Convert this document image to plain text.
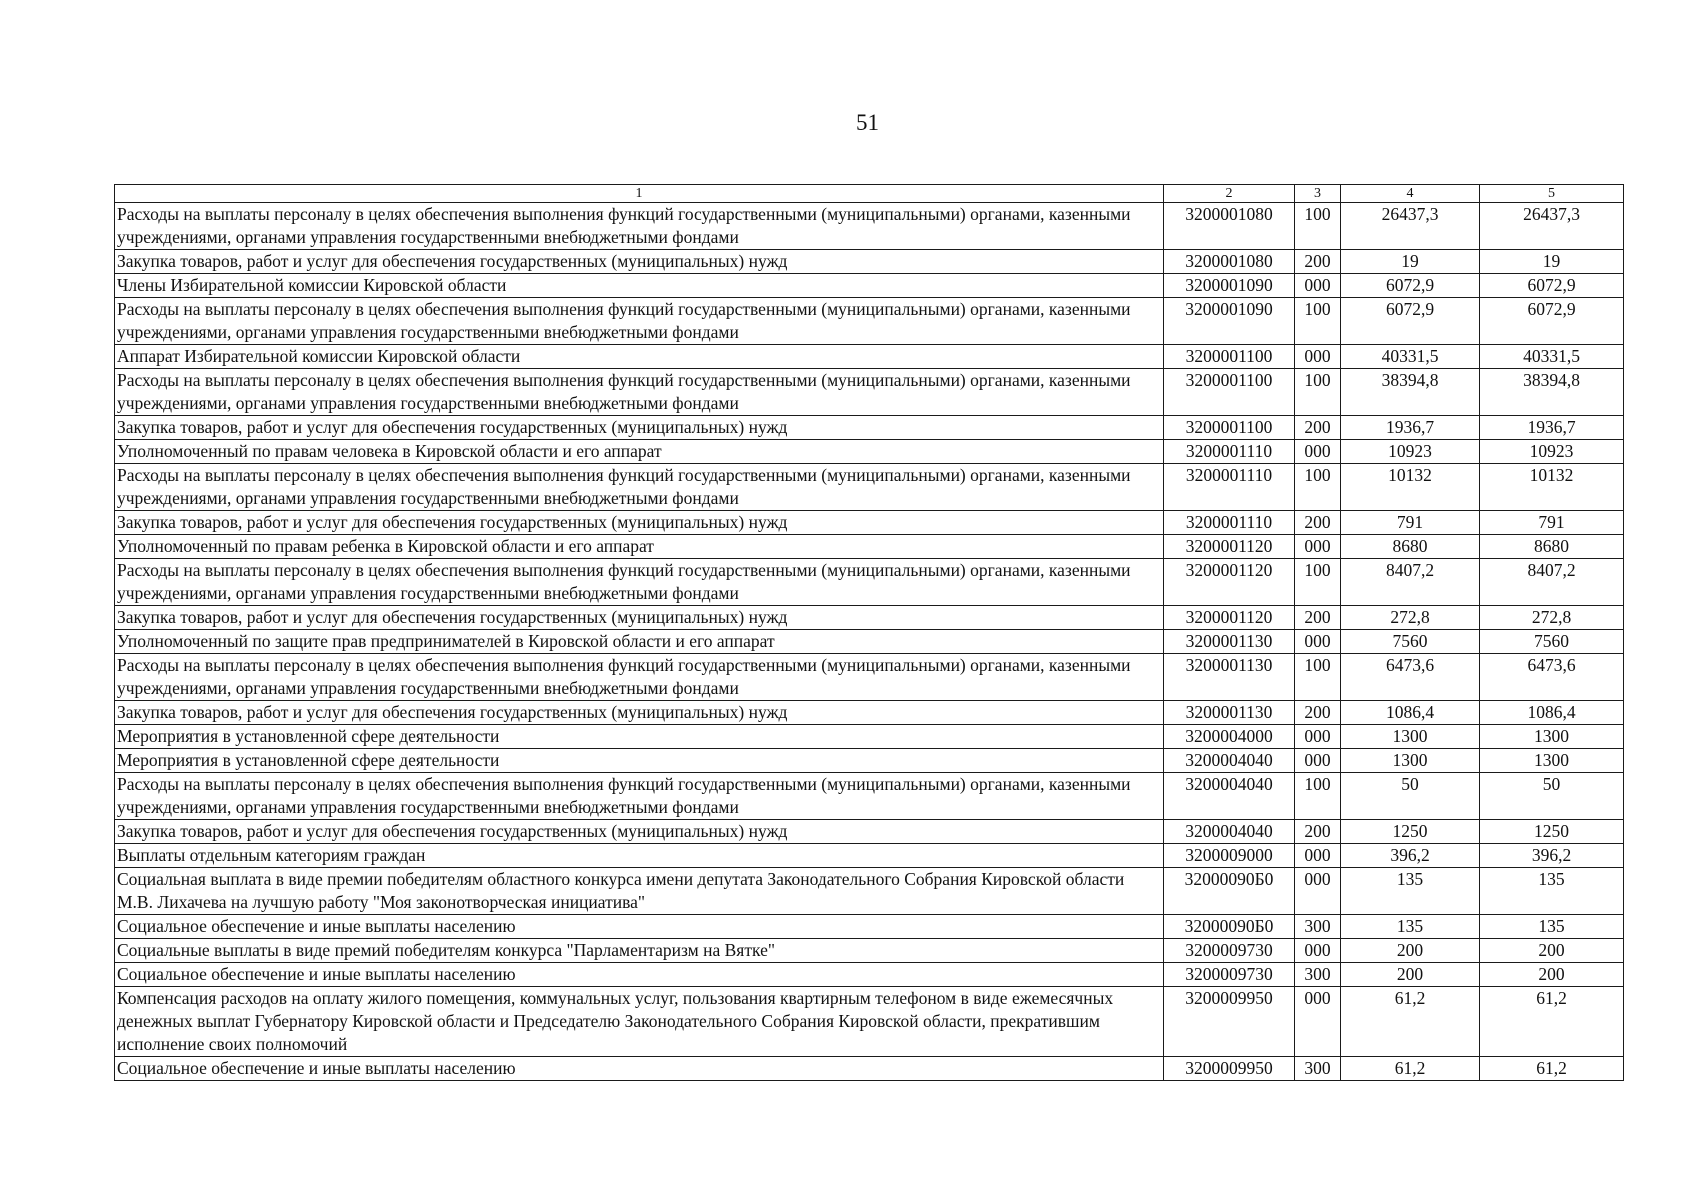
51
1	2	3	4	5
Расходы на выплаты персоналу в целях обеспечения выполнения функций государственными (муниципальными) органами, казенными учреждениями, органами управления государственными внебюджетными фондами	3200001080	100	26437,3	26437,3
Закупка товаров, работ и услуг для обеспечения государственных (муниципальных) нужд	3200001080	200	19	19
Члены Избирательной комиссии Кировской области	3200001090	000	6072,9	6072,9
Расходы на выплаты персоналу в целях обеспечения выполнения функций государственными (муниципальными) органами, казенными учреждениями, органами управления государственными внебюджетными фондами	3200001090	100	6072,9	6072,9
Аппарат Избирательной комиссии Кировской области	3200001100	000	40331,5	40331,5
Расходы на выплаты персоналу в целях обеспечения выполнения функций государственными (муниципальными) органами, казенными учреждениями, органами управления государственными внебюджетными фондами	3200001100	100	38394,8	38394,8
Закупка товаров, работ и услуг для обеспечения государственных (муниципальных) нужд	3200001100	200	1936,7	1936,7
Уполномоченный по правам человека в Кировской области и его аппарат	3200001110	000	10923	10923
Расходы на выплаты персоналу в целях обеспечения выполнения функций государственными (муниципальными) органами, казенными учреждениями, органами управления государственными внебюджетными фондами	3200001110	100	10132	10132
Закупка товаров, работ и услуг для обеспечения государственных (муниципальных) нужд	3200001110	200	791	791
Уполномоченный по правам ребенка в Кировской области и его аппарат	3200001120	000	8680	8680
Расходы на выплаты персоналу в целях обеспечения выполнения функций государственными (муниципальными) органами, казенными учреждениями, органами управления государственными внебюджетными фондами	3200001120	100	8407,2	8407,2
Закупка товаров, работ и услуг для обеспечения государственных (муниципальных) нужд	3200001120	200	272,8	272,8
Уполномоченный по защите прав предпринимателей в Кировской области и его аппарат	3200001130	000	7560	7560
Расходы на выплаты персоналу в целях обеспечения выполнения функций государственными (муниципальными) органами, казенными учреждениями, органами управления государственными внебюджетными фондами	3200001130	100	6473,6	6473,6
Закупка товаров, работ и услуг для обеспечения государственных (муниципальных) нужд	3200001130	200	1086,4	1086,4
Мероприятия в установленной сфере деятельности	3200004000	000	1300	1300
Мероприятия в установленной сфере деятельности	3200004040	000	1300	1300
Расходы на выплаты персоналу в целях обеспечения выполнения функций государственными (муниципальными) органами, казенными учреждениями, органами управления государственными внебюджетными фондами	3200004040	100	50	50
Закупка товаров, работ и услуг для обеспечения государственных (муниципальных) нужд	3200004040	200	1250	1250
Выплаты отдельным категориям граждан	3200009000	000	396,2	396,2
Социальная выплата в виде премии победителям областного конкурса имени депутата Законодательного Собрания Кировской области М.В. Лихачева на лучшую работу "Моя законотворческая инициатива"	32000090Б0	000	135	135
Социальное обеспечение и иные выплаты населению	32000090Б0	300	135	135
Социальные выплаты в виде премий победителям конкурса "Парламентаризм на Вятке"	3200009730	000	200	200
Социальное обеспечение и иные выплаты населению	3200009730	300	200	200
Компенсация расходов на оплату жилого помещения, коммунальных услуг, пользования квартирным телефоном в виде ежемесячных денежных выплат Губернатору Кировской области и Председателю Законодательного Собрания Кировской области, прекратившим исполнение своих полномочий	3200009950	000	61,2	61,2
Социальное обеспечение и иные выплаты населению	3200009950	300	61,2	61,2
